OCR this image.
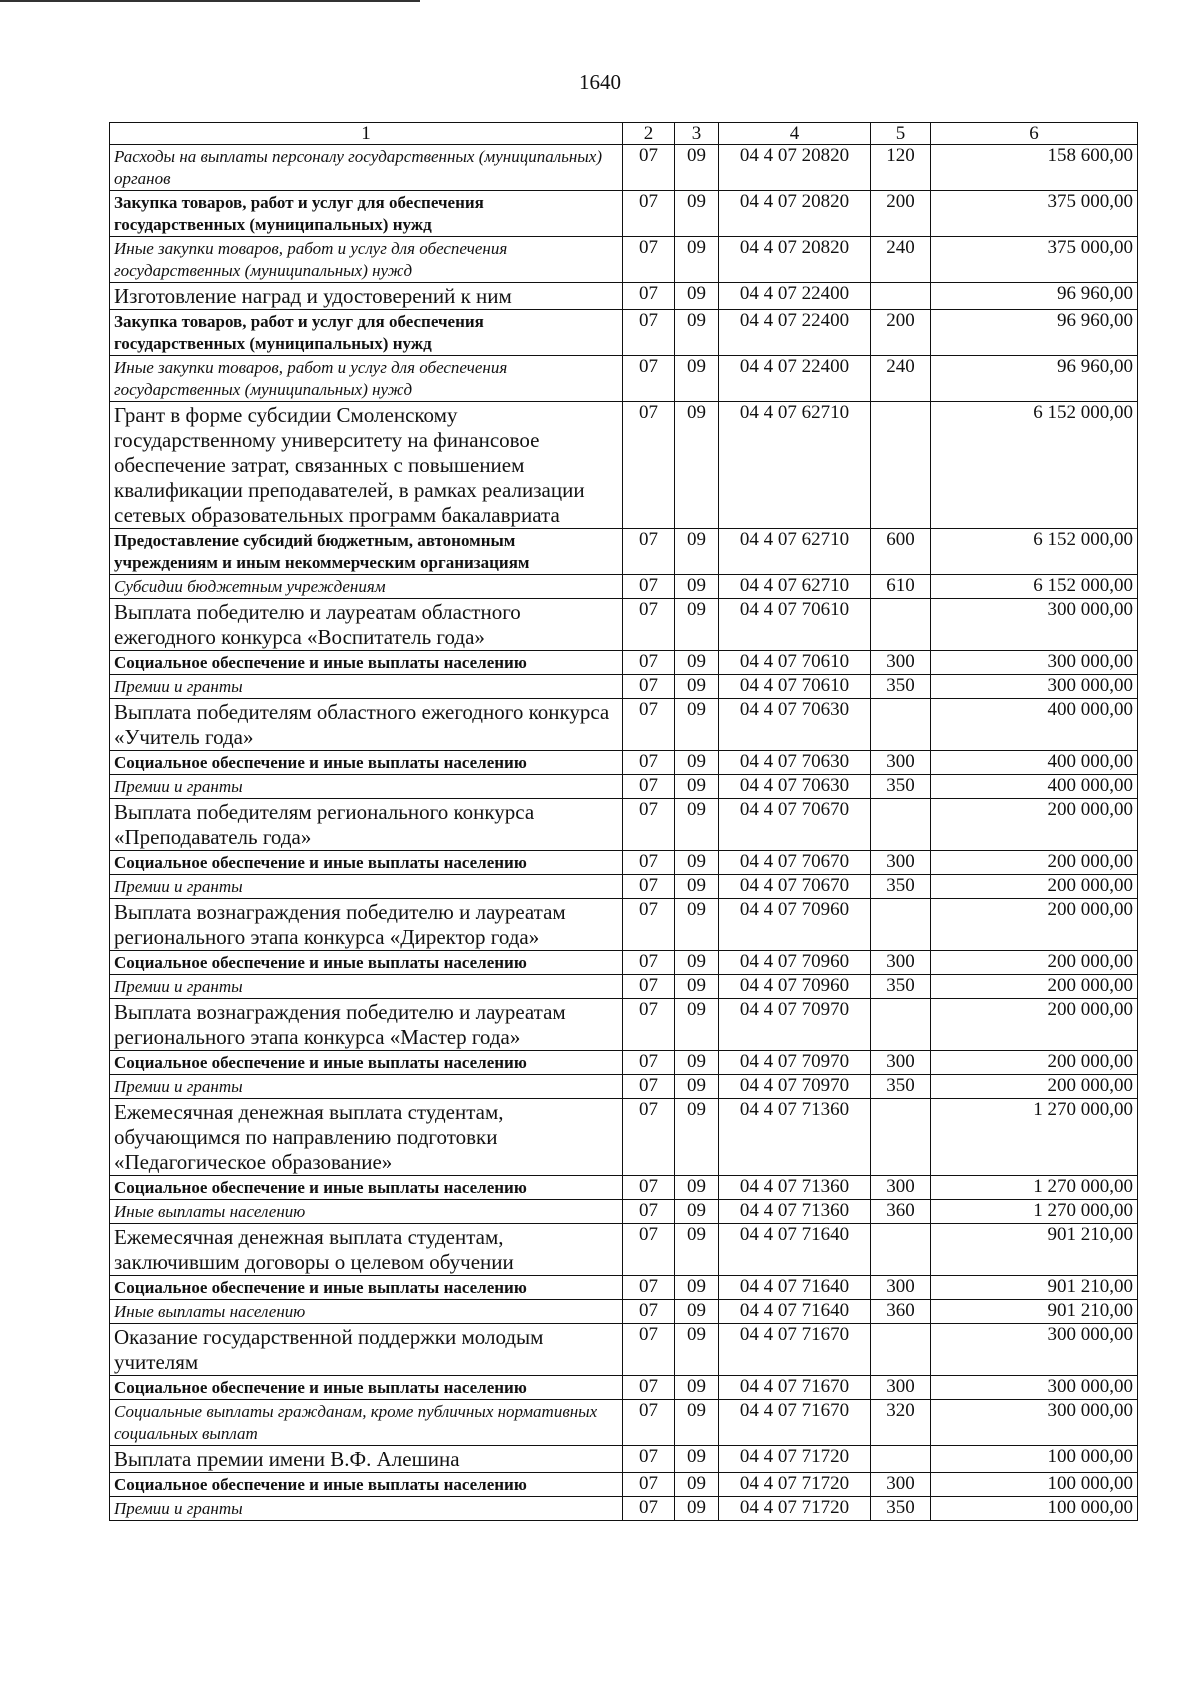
1640
1	2	3	4	5	6
Расходы на выплаты персоналу государственных (муниципальных) органов	07	09	04 4 07 20820	120	158 600,00
Закупка товаров, работ и услуг для обеспечения государственных (муниципальных) нужд	07	09	04 4 07 20820	200	375 000,00
Иные закупки товаров, работ и услуг для обеспечения государственных (муниципальных) нужд	07	09	04 4 07 20820	240	375 000,00
Изготовление наград и удостоверений к ним	07	09	04 4 07 22400		96 960,00
Закупка товаров, работ и услуг для обеспечения государственных (муниципальных) нужд	07	09	04 4 07 22400	200	96 960,00
Иные закупки товаров, работ и услуг для обеспечения государственных (муниципальных) нужд	07	09	04 4 07 22400	240	96 960,00
Грант в форме субсидии Смоленскому государственному университету на финансовое обеспечение затрат, связанных с повышением квалификации преподавателей, в рамках реализации сетевых образовательных программ бакалавриата	07	09	04 4 07 62710		6 152 000,00
Предоставление субсидий бюджетным, автономным учреждениям и иным некоммерческим организациям	07	09	04 4 07 62710	600	6 152 000,00
Субсидии бюджетным учреждениям	07	09	04 4 07 62710	610	6 152 000,00
Выплата победителю и лауреатам областного ежегодного конкурса «Воспитатель года»	07	09	04 4 07 70610		300 000,00
Социальное обеспечение и иные выплаты населению	07	09	04 4 07 70610	300	300 000,00
Премии и гранты	07	09	04 4 07 70610	350	300 000,00
Выплата победителям областного ежегодного конкурса «Учитель года»	07	09	04 4 07 70630		400 000,00
Социальное обеспечение и иные выплаты населению	07	09	04 4 07 70630	300	400 000,00
Премии и гранты	07	09	04 4 07 70630	350	400 000,00
Выплата победителям регионального конкурса «Преподаватель года»	07	09	04 4 07 70670		200 000,00
Социальное обеспечение и иные выплаты населению	07	09	04 4 07 70670	300	200 000,00
Премии и гранты	07	09	04 4 07 70670	350	200 000,00
Выплата вознаграждения победителю и лауреатам регионального этапа конкурса «Директор года»	07	09	04 4 07 70960		200 000,00
Социальное обеспечение и иные выплаты населению	07	09	04 4 07 70960	300	200 000,00
Премии и гранты	07	09	04 4 07 70960	350	200 000,00
Выплата вознаграждения победителю и лауреатам регионального этапа конкурса «Мастер года»	07	09	04 4 07 70970		200 000,00
Социальное обеспечение и иные выплаты населению	07	09	04 4 07 70970	300	200 000,00
Премии и гранты	07	09	04 4 07 70970	350	200 000,00
Ежемесячная денежная выплата студентам, обучающимся по направлению подготовки «Педагогическое образование»	07	09	04 4 07 71360		1 270 000,00
Социальное обеспечение и иные выплаты населению	07	09	04 4 07 71360	300	1 270 000,00
Иные выплаты населению	07	09	04 4 07 71360	360	1 270 000,00
Ежемесячная денежная выплата студентам, заключившим договоры о целевом обучении	07	09	04 4 07 71640		901 210,00
Социальное обеспечение и иные выплаты населению	07	09	04 4 07 71640	300	901 210,00
Иные выплаты населению	07	09	04 4 07 71640	360	901 210,00
Оказание государственной поддержки молодым учителям	07	09	04 4 07 71670		300 000,00
Социальное обеспечение и иные выплаты населению	07	09	04 4 07 71670	300	300 000,00
Социальные выплаты гражданам, кроме публичных нормативных социальных выплат	07	09	04 4 07 71670	320	300 000,00
Выплата премии имени В.Ф. Алешина	07	09	04 4 07 71720		100 000,00
Социальное обеспечение и иные выплаты населению	07	09	04 4 07 71720	300	100 000,00
Премии и гранты	07	09	04 4 07 71720	350	100 000,00
